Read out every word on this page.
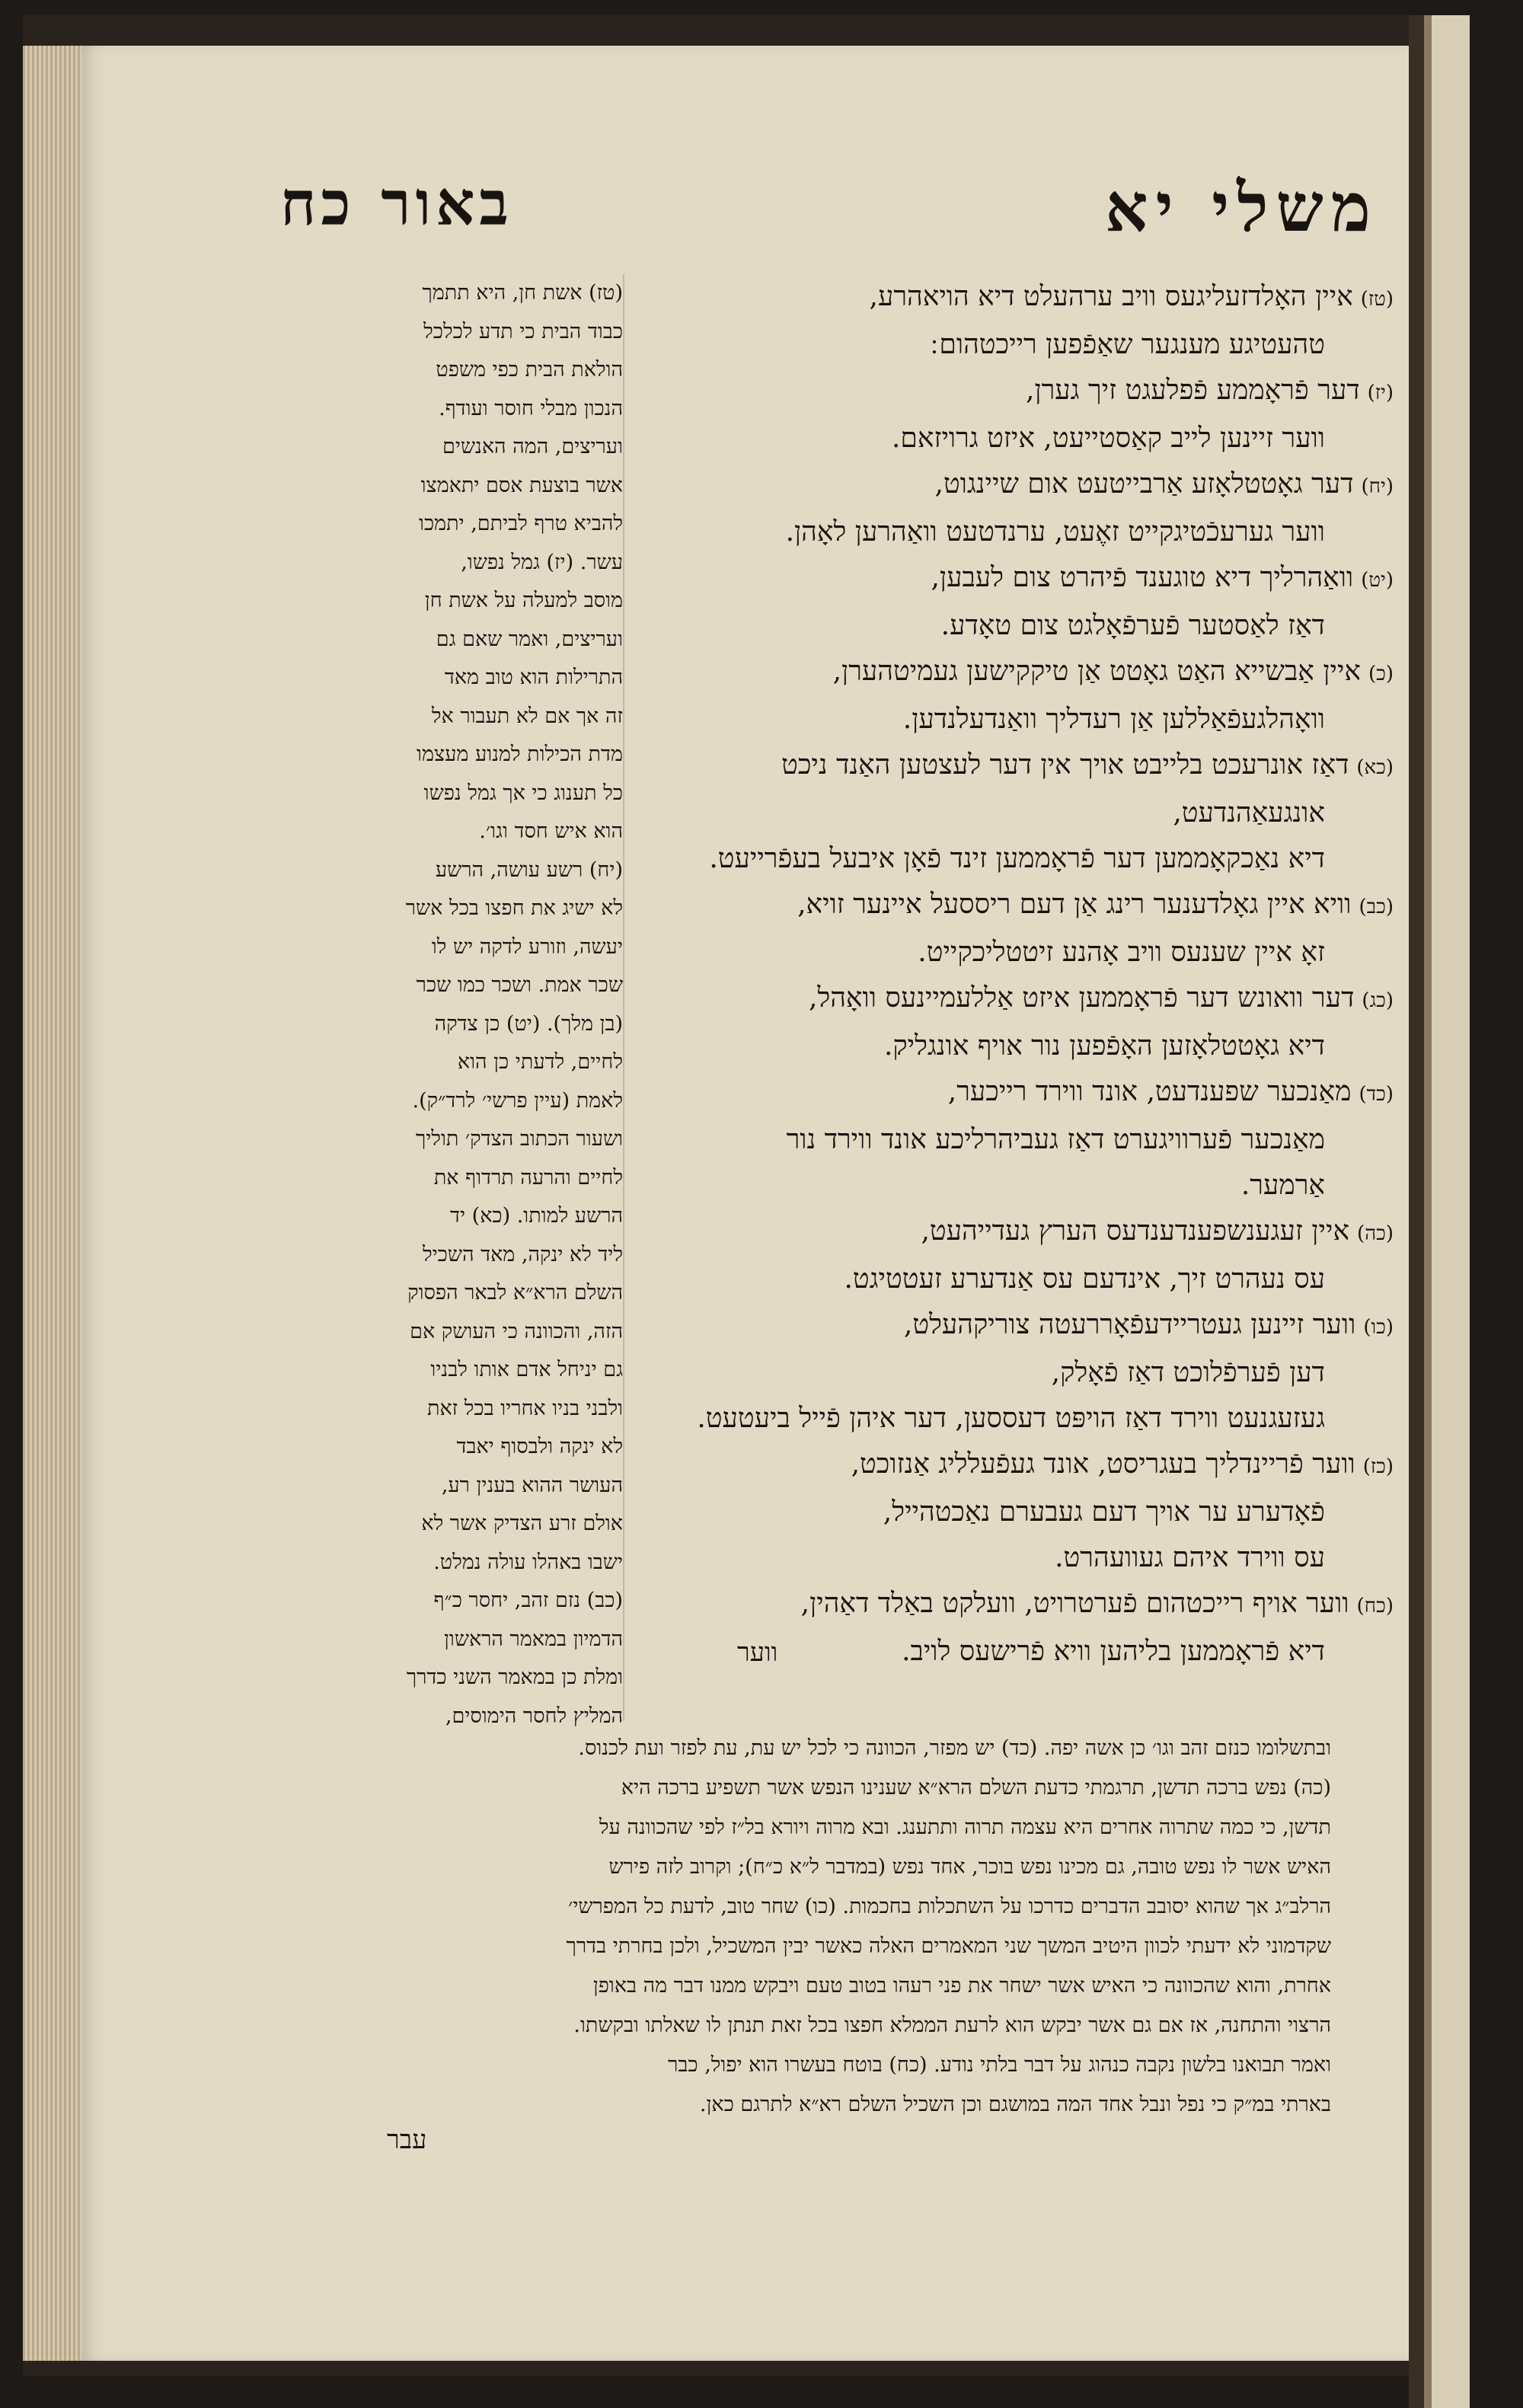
משלי יא
באור כח
(טז)איין האָלדזעליגעס וויב ערהעלט דיא הויאהרע,
טהעטיגע מענגער שאַפֿפען רייכטהום ׃
(יז)דער פֿראָממע פֿפלעגט זיך גערן,
ווער זיינען לייב קאַסטייעט, איזט גרויזאם.
(יח)דער גאָטטלאָזע אַרבייטעט אום שיינגוט,
ווער גערעכֿטיגקייט זאֶעט, ערנדטעט וואַהרען לאָהן.
(יט)וואַהרליך דיא טוגענד פֿיהרט צום לעבען,
דאַז לאַסטער פֿערפֿאָלגט צום טאָדע.
(כ)איין אַבשייא האַט גאָטט אַן טיקקישען געמיטהערן,
וואָהלגעפֿאַללען אַן רעדליך וואַנדעלנדען.
(כא)דאַז אונרעכט בלייבט אויך אין דער לעצטען האַנד ניכט
אונגעאַהנדעט,
דיא נאַכקאָממען דער פֿראָממען זינד פֿאָן איבעל בעפֿרייעט.
(כב)וויא איין גאָלדענער רינג אַן דעם ריססעל איינער זויא,
זאָ איין שענעס וויב אָהנע זיטטליכקייט.
(כג)דער וואונש דער פֿראָממען איזט אַללעמיינעס וואָהל,
דיא גאָטטלאָזען האָפֿפען נור אויף אונגליק.
(כד)מאַנכער שפענדעט, אונד ווירד רייכער,
מאַנכער פֿערוויגערט דאַז געביהרליכע אונד ווירד נור
אַרמער.
(כה)איין זעגענשפענדענדעס הערץ געדייהעט,
עס נעהרט זיך, אינדעם עס אַנדערע זעטטיגט.
(כו)ווער זיינען געטריידעפֿאָררעטה צוריקהעלט,
דען פֿערפֿלוכט דאַז פֿאָלק,
געזעגנעט ווירד דאַז הויפּט דעססען, דער איהן פֿייל ביעטעט.
(כז)ווער פֿריינדליך בעגריסט, אונד געפֿעלליג אַנזוכט,
פֿאָדערע ער אויך דעם געבערם נאַכטהייל,
עס ווירד איהם געוועהרט.
(כח)ווער אויף רייכטהום פֿערטרויט, וועלקט באַלד דאַהין,
דיא פֿראָממען בליהען וויא פֿרישעס לויב.
ווער
(טז) אשת חן, היא תתמך
כבוד הבית כי תדע לכלכל
הולאת הבית כפי משפט
הנכון מבלי חוסר ועודף.
ועריצים, המה האנשים
אשר בוצעת אסם יתאמצו
להביא טרף לביתם, יתמכו
עשר. (יז) גמל נפשו,
מוסב למעלה על אשת חן
ועריצים, ואמר שאם גם
התרילות הוא טוב מאד
זה אך אם לא תעבור אל
מדת הכילות למנוע מעצמו
כל תענוג כי אך גמל נפשו
הוא איש חסד וגו׳.
(יח) רשע עושה, הרשע
לא ישיג את חפצו בכל אשר
יעשה, וזורע לדקה יש לו
שכר אמת. ושכר כמו שכר
(בן מלך). (יט) כן צדקה
לחיים, לדעתי כן הוא
לאמת (עיין פרשי׳ לרד״ק).
ושעור הכתוב הצדק׳ תוליך
לחיים והרעה תרדוף את
הרשע למותו. (כא) יד
ליד לא ינקה, מאד השכיל
השלם הרא״א לבאר הפסוק
הזה, והכוונה כי העושק אם
גם יניחל אדם אותו לבניו
ולבני בניו אחריו בכל זאת
לא ינקה ולבסוף יאבד
העושר ההוא בענין רע,
אולם זרע הצדיק אשר לא
ישבו באהלו עולה נמלט.
(כב) נזם זהב, יחסר כ״ף
הדמיון במאמר הראשון
ומלת כן במאמר השני כדרך
המליץ לחסר הימוסים,
ובתשלומו כנזם זהב וגו׳ כן אשה יפה. (כד) יש מפזר, הכוונה כי לכל יש עת, עת לפזר ועת לכנוס.
(כה) נפש ברכה תדשן, תרגמתי כדעת השלם הרא״א שענינו הנפש אשר תשפיע ברכה היא
תדשן, כי כמה שתרוה אחרים היא עצמה תרוה ותתענג. ובא מרוה ויורא בל״ז לפי שהכוונה על
האיש אשר לו נפש טובה, גם מכינו נפש בוכר, אחד נפש (במדבר ל״א כ״ח); וקרוב לזה פירש
הרלב״ג אך שהוא יסובב הדברים כדרכו על השתכלות בחכמות. (כו) שחר טוב, לדעת כל המפרשי׳
שקדמוני לא ידעתי לכוון היטיב המשך שני המאמרים האלה כאשר יבין המשכיל, ולכן בחרתי בדרך
אחרת, והוא שהכוונה כי האיש אשר ישחר את פני רעהו בטוב טעם ויבקש ממנו דבר מה באופן
הרצוי והתחנה, אז אם גם אשר יבקש הוא לרעת הממלא חפצו בכל זאת תנתן לו שאלתו ובקשתו.
ואמר תבואנו בלשון נקבה כנהוג על דבר בלתי נודע. (כח) בוטח בעשרו הוא יפול, כבר
בארתי במ״ק כי נפל ונבל אחד המה במושגם וכן השכיל השלם רא״א לתרגם כאן.
עבר
